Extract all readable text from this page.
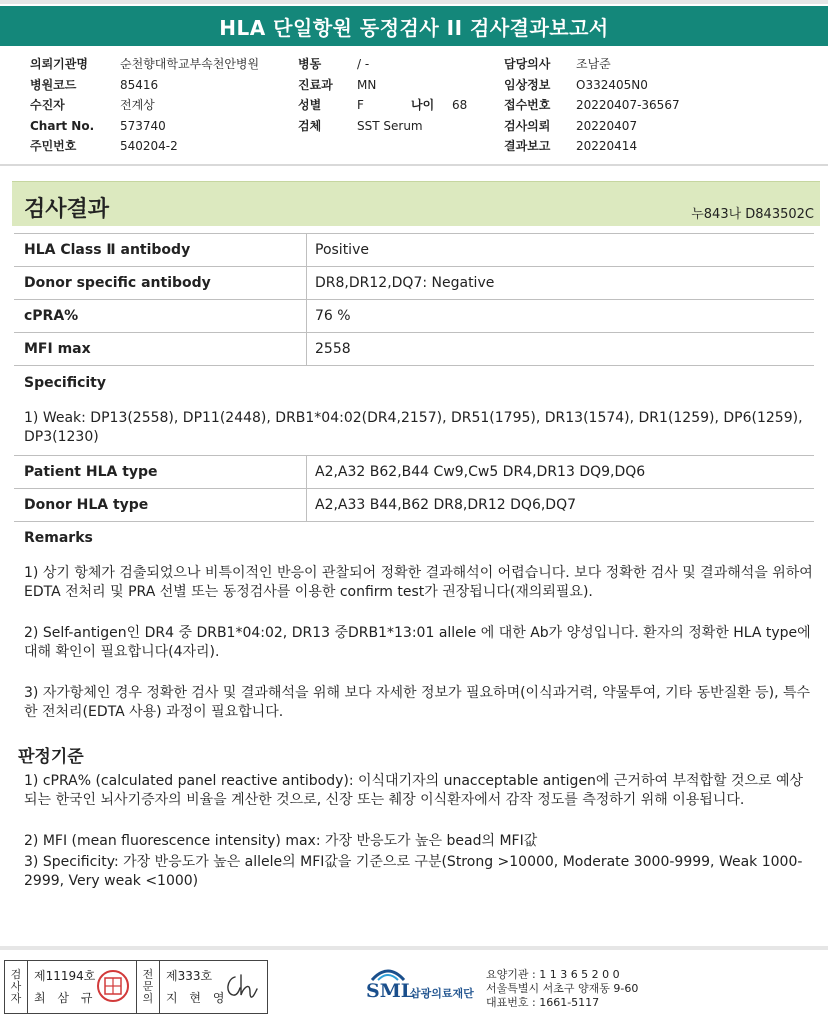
HLA 단일항원 동정검사 II 검사결과보고서
의뢰기관명	순천향대학교부속천안병원
병원코드	85416
수진자	전계상
Chart No.	573740
주민번호	540204-2
병동	/ -
진료과	MN
성별	F	나이	68
검체	SST Serum
담당의사	조남준
임상정보	O332405N0
접수번호	20220407-36567
검사의뢰	20220407
결과보고	20220414
검사결과	누843나 D843502C
HLA Class Ⅱ antibody	Positive
Donor specific antibody	DR8,DR12,DQ7: Negative
cPRA%	76 %
MFI max	2558
Specificity
1) Weak: DP13(2558), DP11(2448), DRB1*04:02(DR4,2157), DR51(1795), DR13(1574), DR1(1259), DP6(1259), DP3(1230)
Patient HLA type	A2,A32 B62,B44 Cw9,Cw5 DR4,DR13 DQ9,DQ6
Donor HLA type	A2,A33 B44,B62 DR8,DR12 DQ6,DQ7
Remarks
1) 상기 항체가 검출되었으나 비특이적인 반응이 관찰되어 정확한 결과해석이 어렵습니다. 보다 정확한 검사 및 결과해석을 위하여 EDTA 전처리 및 PRA 선별 또는 동정검사를 이용한 confirm test가 권장됩니다(재의뢰필요).
2) Self-antigen인 DR4 중 DRB1*04:02, DR13 중DRB1*13:01 allele 에 대한 Ab가 양성입니다. 환자의 정확한 HLA type에 대해 확인이 필요합니다(4자리).
3) 자가항체인 경우 정확한 검사 및 결과해석을 위해 보다 자세한 정보가 필요하며(이식과거력, 약물투여, 기타 동반질환 등), 특수한 전처리(EDTA 사용) 과정이 필요합니다.
판정기준
1) cPRA% (calculated panel reactive antibody): 이식대기자의 unacceptable antigen에 근거하여 부적합할 것으로 예상되는 한국인 뇌사기증자의 비율을 계산한 것으로, 신장 또는 췌장 이식환자에서 감작 정도를 측정하기 위해 이용됩니다.
2) MFI (mean fluorescence intensity) max: 가장 반응도가 높은 bead의 MFI값
3) Specificity: 가장 반응도가 높은 allele의 MFI값을 기준으로 구분(Strong >10000, Moderate 3000-9999, Weak 1000-2999, Very weak <1000)
검
사
자
제11194호
최 삼 규
전
문
의
제333호
지 현 영	SML
삼광의료재단
요양기관 : 1 1 3 6 5 2 0 0
서울특별시 서초구 양재동 9-60
대표번호 : 1661-5117
